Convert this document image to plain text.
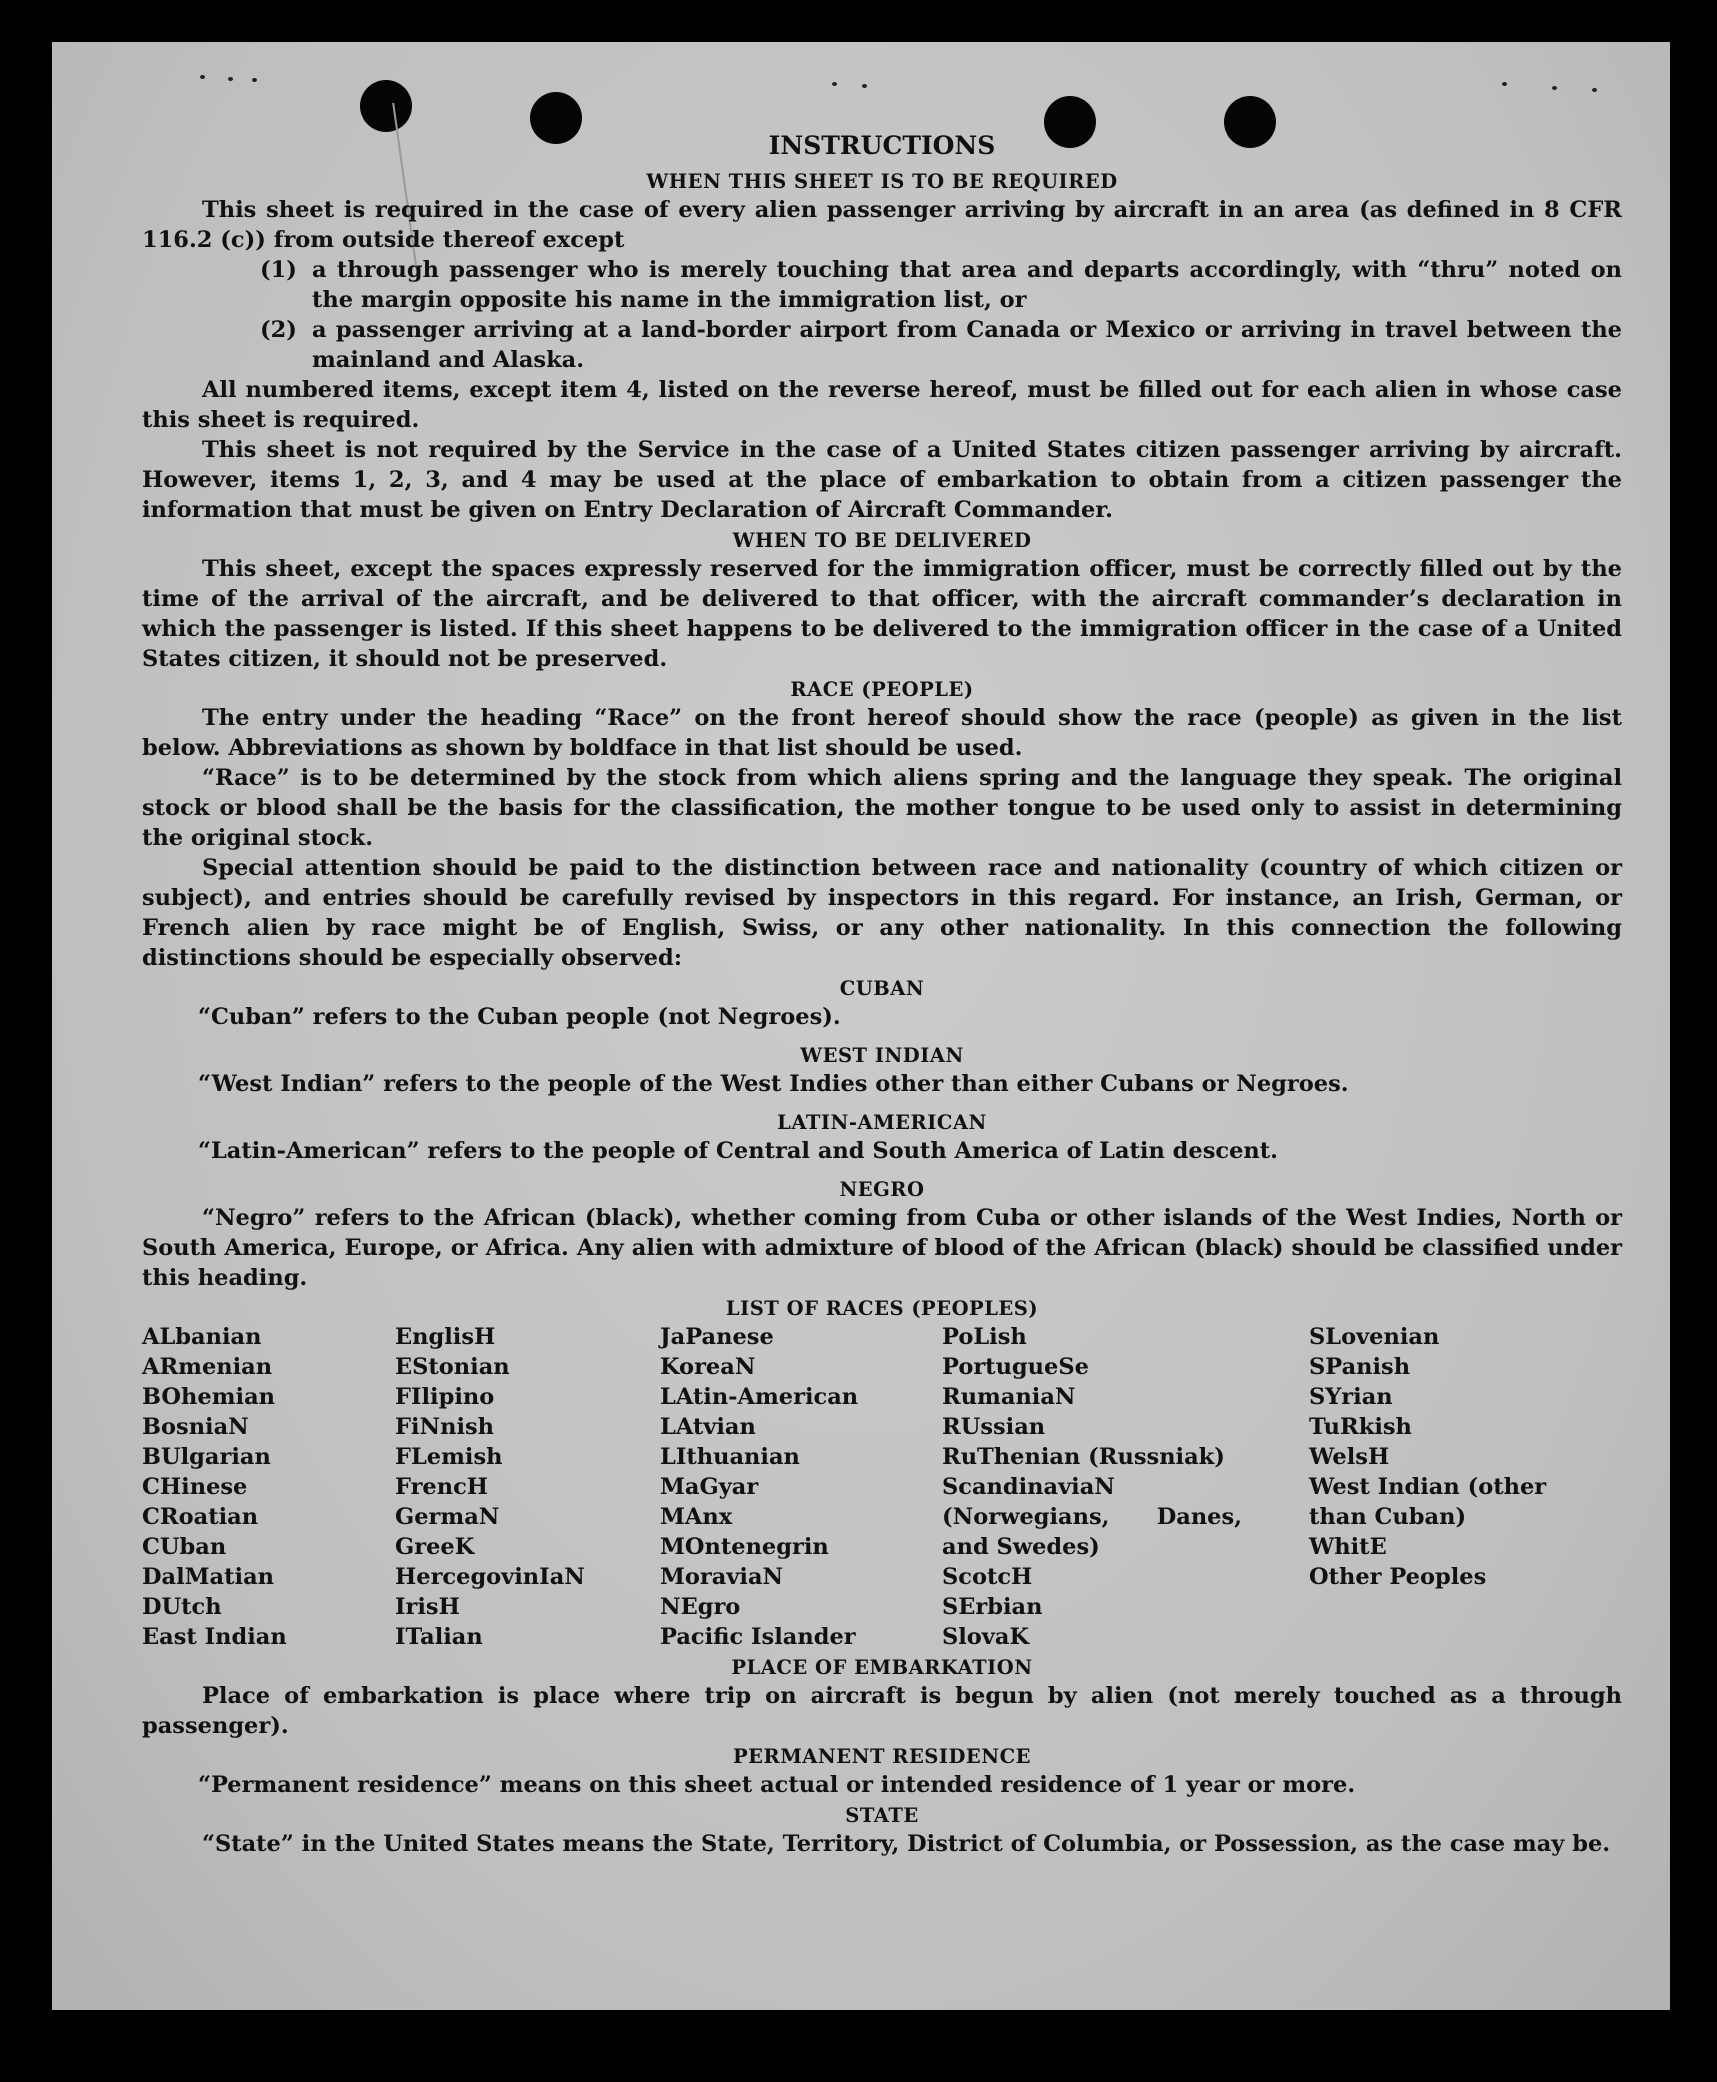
INSTRUCTIONS
WHEN THIS SHEET IS TO BE REQUIRED

This sheet is required in the case of every alien passenger arriving by aircraft in an area (as defined in 8 CFR 116.2 (c)) from outside thereof except

(1) a through passenger who is merely touching that area and departs accordingly, with “thru” noted on the margin opposite his name in the immigration list, or
(2) a passenger arriving at a land-border airport from Canada or Mexico or arriving in travel between the mainland and Alaska.

All numbered items, except item 4, listed on the reverse hereof, must be filled out for each alien in whose case this sheet is required.

This sheet is not required by the Service in the case of a United States citizen passenger arriving by aircraft. However, items 1, 2, 3, and 4 may be used at the place of embarkation to obtain from a citizen passenger the information that must be given on Entry Declaration of Aircraft Commander.

WHEN TO BE DELIVERED

This sheet, except the spaces expressly reserved for the immigration officer, must be correctly filled out by the time of the arrival of the aircraft, and be delivered to that officer, with the aircraft commander’s declaration in which the passenger is listed. If this sheet happens to be delivered to the immigration officer in the case of a United States citizen, it should not be preserved.

RACE (PEOPLE)

The entry under the heading “Race” on the front hereof should show the race (people) as given in the list below. Abbreviations as shown by boldface in that list should be used.

“Race” is to be determined by the stock from which aliens spring and the language they speak. The original stock or blood shall be the basis for the classification, the mother tongue to be used only to assist in determining the original stock.

Special attention should be paid to the distinction between race and nationality (country of which citizen or subject), and entries should be carefully revised by inspectors in this regard. For instance, an Irish, German, or French alien by race might be of English, Swiss, or any other nationality. In this connection the following distinctions should be especially observed:

CUBAN
“Cuban” refers to the Cuban people (not Negroes).
WEST INDIAN
“West Indian” refers to the people of the West Indies other than either Cubans or Negroes.
LATIN-AMERICAN
“Latin-American” refers to the people of Central and South America of Latin descent.
NEGRO

“Negro” refers to the African (black), whether coming from Cuba or other islands of the West Indies, North or South America, Europe, or Africa. Any alien with admixture of blood of the African (black) should be classified under this heading.

LIST OF RACES (PEOPLES)
ALbanian
ARmenian
BOhemian
BosniaN
BUlgarian
CHinese
CRoatian
CUban
DalMatian
DUtch
East Indian
EnglisH
EStonian
FIlipino
FiNnish
FLemish
FrencH
GermaN
GreeK
HercegovinIaN
IrisH
ITalian
JaPanese
KoreaN
LAtin-American
LAtvian
LIthuanian
MaGyar
MAnx
MOntenegrin
MoraviaN
NEgro
Pacific Islander
PoLish
PortugueSe
RumaniaN
RUssian
RuThenian (Russniak)
ScandinaviaN (Norwegians, Danes, and Swedes)
ScotcH
SErbian
SlovaK
SLovenian
SPanish
SYrian
TuRkish
WelsH
West Indian (other than Cuban)
WhitE
Other Peoples
PLACE OF EMBARKATION

Place of embarkation is place where trip on aircraft is begun by alien (not merely touched as a through passenger).

PERMANENT RESIDENCE
“Permanent residence” means on this sheet actual or intended residence of 1 year or more.
STATE

“State” in the United States means the State, Territory, District of Columbia, or Possession, as the case may be.
